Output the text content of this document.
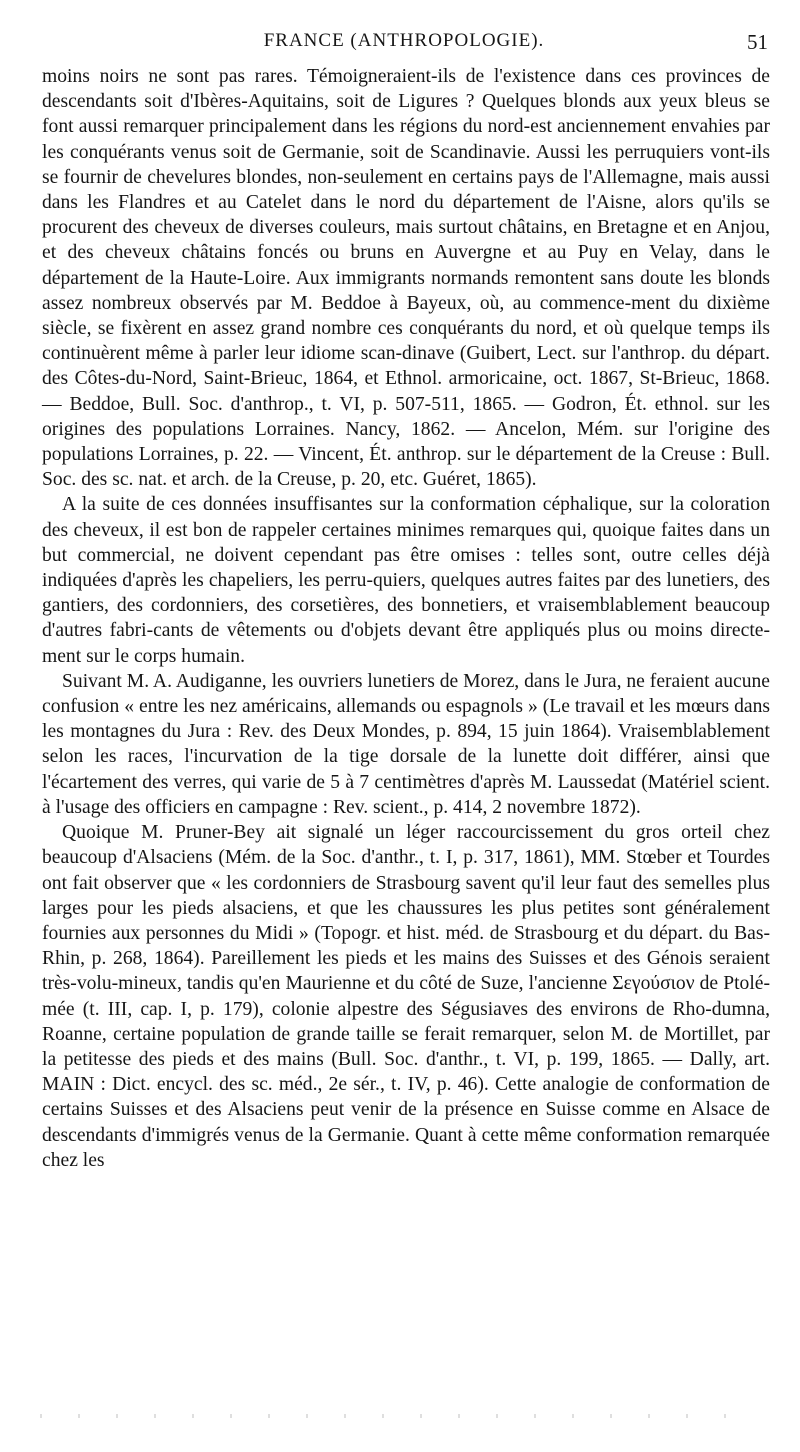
FRANCE (ANTHROPOLOGIE).	51

moins noirs ne sont pas rares. Témoigneraient-ils de l'existence dans ces provinces de descendants soit d'Ibères-Aquitains, soit de Ligures ? Quelques blonds aux yeux bleus se font aussi remarquer principalement dans les régions du nord-est anciennement envahies par les conquérants venus soit de Germanie, soit de Scandinavie. Aussi les perruquiers vont-ils se fournir de chevelures blondes, non-seulement en certains pays de l'Allemagne, mais aussi dans les Flandres et au Catelet dans le nord du département de l'Aisne, alors qu'ils se procurent des cheveux de diverses couleurs, mais surtout châtains, en Bretagne et en Anjou, et des cheveux châtains foncés ou bruns en Auvergne et au Puy en Velay, dans le département de la Haute-Loire. Aux immigrants normands remontent sans doute les blonds assez nombreux observés par M. Beddoe à Bayeux, où, au commence-ment du dixième siècle, se fixèrent en assez grand nombre ces conquérants du nord, et où quelque temps ils continuèrent même à parler leur idiome scan-dinave (Guibert, Lect. sur l'anthrop. du départ. des Côtes-du-Nord, Saint-Brieuc, 1864, et Ethnol. armoricaine, oct. 1867, St-Brieuc, 1868. — Beddoe, Bull. Soc. d'anthrop., t. VI, p. 507-511, 1865. — Godron, Ét. ethnol. sur les origines des populations Lorraines. Nancy, 1862. — Ancelon, Mém. sur l'origine des populations Lorraines, p. 22. — Vincent, Ét. anthrop. sur le département de la Creuse : Bull. Soc. des sc. nat. et arch. de la Creuse, p. 20, etc. Guéret, 1865).

A la suite de ces données insuffisantes sur la conformation céphalique, sur la coloration des cheveux, il est bon de rappeler certaines minimes remarques qui, quoique faites dans un but commercial, ne doivent cependant pas être omises : telles sont, outre celles déjà indiquées d'après les chapeliers, les perru-quiers, quelques autres faites par des lunetiers, des gantiers, des cordonniers, des corsetières, des bonnetiers, et vraisemblablement beaucoup d'autres fabri-cants de vêtements ou d'objets devant être appliqués plus ou moins directe-ment sur le corps humain.

Suivant M. A. Audiganne, les ouvriers lunetiers de Morez, dans le Jura, ne feraient aucune confusion « entre les nez américains, allemands ou espagnols » (Le travail et les mœurs dans les montagnes du Jura : Rev. des Deux Mondes, p. 894, 15 juin 1864). Vraisemblablement selon les races, l'incurvation de la tige dorsale de la lunette doit différer, ainsi que l'écartement des verres, qui varie de 5 à 7 centimètres d'après M. Laussedat (Matériel scient. à l'usage des officiers en campagne : Rev. scient., p. 414, 2 novembre 1872).

Quoique M. Pruner-Bey ait signalé un léger raccourcissement du gros orteil chez beaucoup d'Alsaciens (Mém. de la Soc. d'anthr., t. I, p. 317, 1861), MM. Stœber et Tourdes ont fait observer que « les cordonniers de Strasbourg savent qu'il leur faut des semelles plus larges pour les pieds alsaciens, et que les chaussures les plus petites sont généralement fournies aux personnes du Midi » (Topogr. et hist. méd. de Strasbourg et du départ. du Bas-Rhin, p. 268, 1864). Pareillement les pieds et les mains des Suisses et des Génois seraient très-volu-mineux, tandis qu'en Maurienne et du côté de Suze, l'ancienne Σεγούσιον de Ptolé-mée (t. III, cap. I, p. 179), colonie alpestre des Ségusiaves des environs de Rho-dumna, Roanne, certaine population de grande taille se ferait remarquer, selon M. de Mortillet, par la petitesse des pieds et des mains (Bull. Soc. d'anthr., t. VI, p. 199, 1865. — Dally, art. MAIN : Dict. encycl. des sc. méd., 2e sér., t. IV, p. 46). Cette analogie de conformation de certains Suisses et des Alsaciens peut venir de la présence en Suisse comme en Alsace de descendants d'immigrés venus de la Germanie. Quant à cette même conformation remarquée chez les
